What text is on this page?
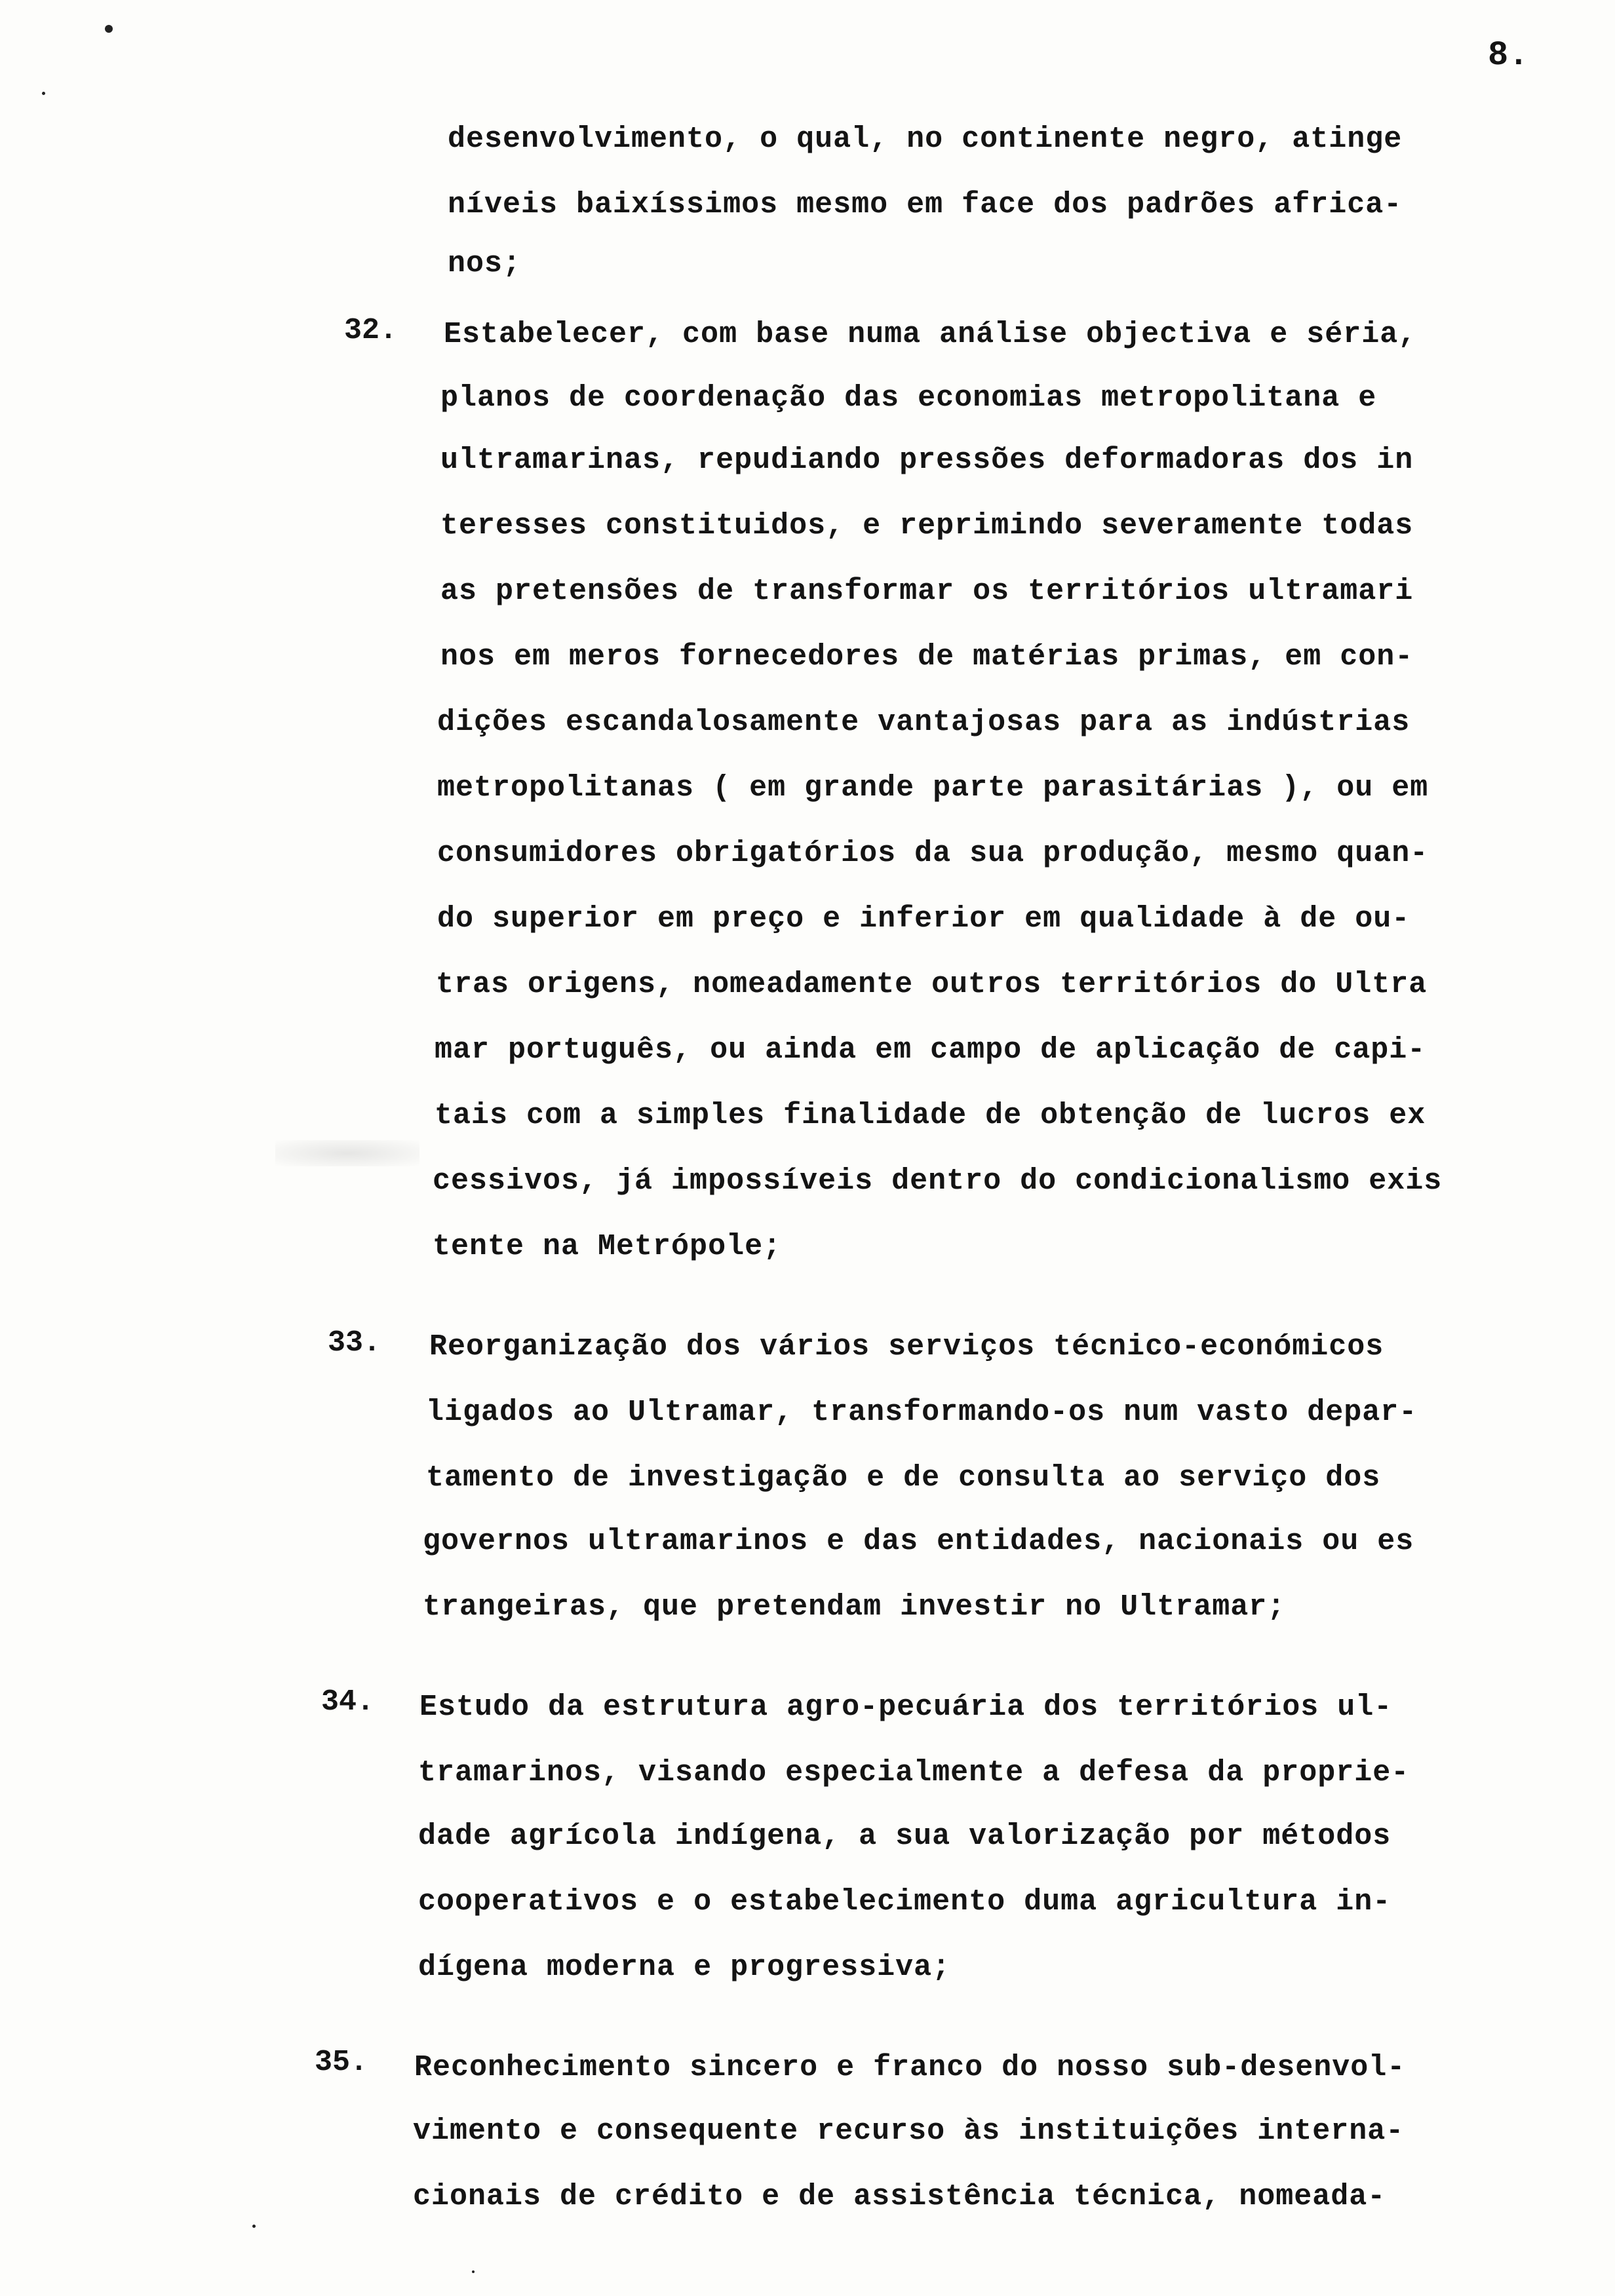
8.
desenvolvimento, o qual, no continente negro, atinge
níveis baixíssimos mesmo em face dos padrões africa-
nos;
32. Estabelecer, com base numa análise objectiva e séria,
planos de coordenação das economias metropolitana e
ultramarinas, repudiando pressões deformadoras dos in
teresses constituidos, e reprimindo severamente todas
as pretensões de transformar os territórios ultramari
nos em meros fornecedores de matérias primas, em con-
dições escandalosamente vantajosas para as indústrias
metropolitanas ( em grande parte parasitárias ), ou em
consumidores obrigatórios da sua produção, mesmo quan-
do superior em preço e inferior em qualidade à de ou-
tras origens, nomeadamente outros territórios do Ultra
mar português, ou ainda em campo de aplicação de capi-
tais com a simples finalidade de obtenção de lucros ex
cessivos, já impossíveis dentro do condicionalismo exis
tente na Metrópole;
33. Reorganização dos vários serviços técnico-económicos
ligados ao Ultramar, transformando-os num vasto depar-
tamento de investigação e de consulta ao serviço dos
governos ultramarinos e das entidades, nacionais ou es
trangeiras, que pretendam investir no Ultramar;
34. Estudo da estrutura agro-pecuária dos territórios ul-
tramarinos, visando especialmente a defesa da proprie-
dade agrícola indígena, a sua valorização por métodos
cooperativos e o estabelecimento duma agricultura in-
dígena moderna e progressiva;
35. Reconhecimento sincero e franco do nosso sub-desenvol-
vimento e consequente recurso às instituições interna-
cionais de crédito e de assistência técnica, nomeada-
